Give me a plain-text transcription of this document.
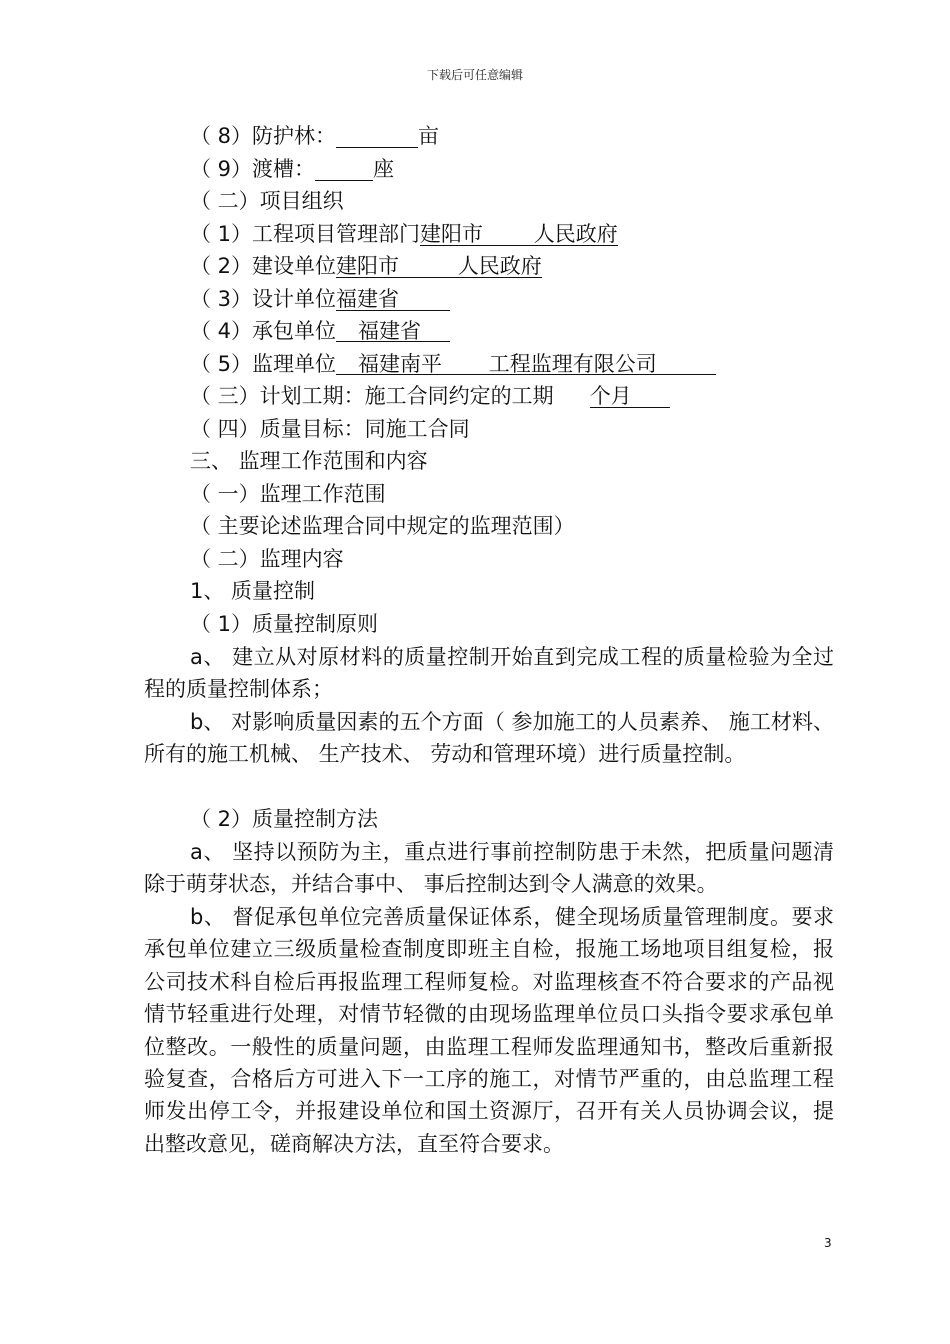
下载后可任意编辑
（ 8）防护林：	亩
（ 9）渡槽：	座
（ 二）项目组织
（ 1）工程项目管理部门建阳市 人民政府
（ 2）建设单位建阳市 人民政府
（ 3）设计单位福建省
（ 4）承包单位 福建省
（ 5）监理单位 福建南平 工程监理有限公司
（ 三）计划工期：施工合同约定的工期 个月
（ 四）质量目标：同施工合同
三、 监理工作范围和内容
（ 一）监理工作范围
（ 主要论述监理合同中规定的监理范围）
（ 二）监理内容
1、 质量控制
（ 1）质量控制原则
a、 建立从对原材料的质量控制开始直到完成工程的质量检验为全过程的质量控制体系；
b、 对影响质量因素的五个方面（ 参加施工的人员素养、 施工材料、 所有的施工机械、 生产技术、 劳动和管理环境）进行质量控制。
（ 2）质量控制方法
a、 坚持以预防为主，重点进行事前控制防患于未然，把质量问题清除于萌芽状态，并结合事中、 事后控制达到令人满意的效果。
b、 督促承包单位完善质量保证体系，健全现场质量管理制度。要求承包单位建立三级质量检查制度即班主自检，报施工场地项目组复检，报公司技术科自检后再报监理工程师复检。对监理核查不符合要求的产品视情节轻重进行处理，对情节轻微的由现场监理单位员口头指令要求承包单位整改。一般性的质量问题，由监理工程师发监理通知书，整改后重新报验复查，合格后方可进入下一工序的施工，对情节严重的，由总监理工程师发出停工令，并报建设单位和国土资源厅，召开有关人员协调会议，提出整改意见，磋商解决方法，直至符合要求。
3
